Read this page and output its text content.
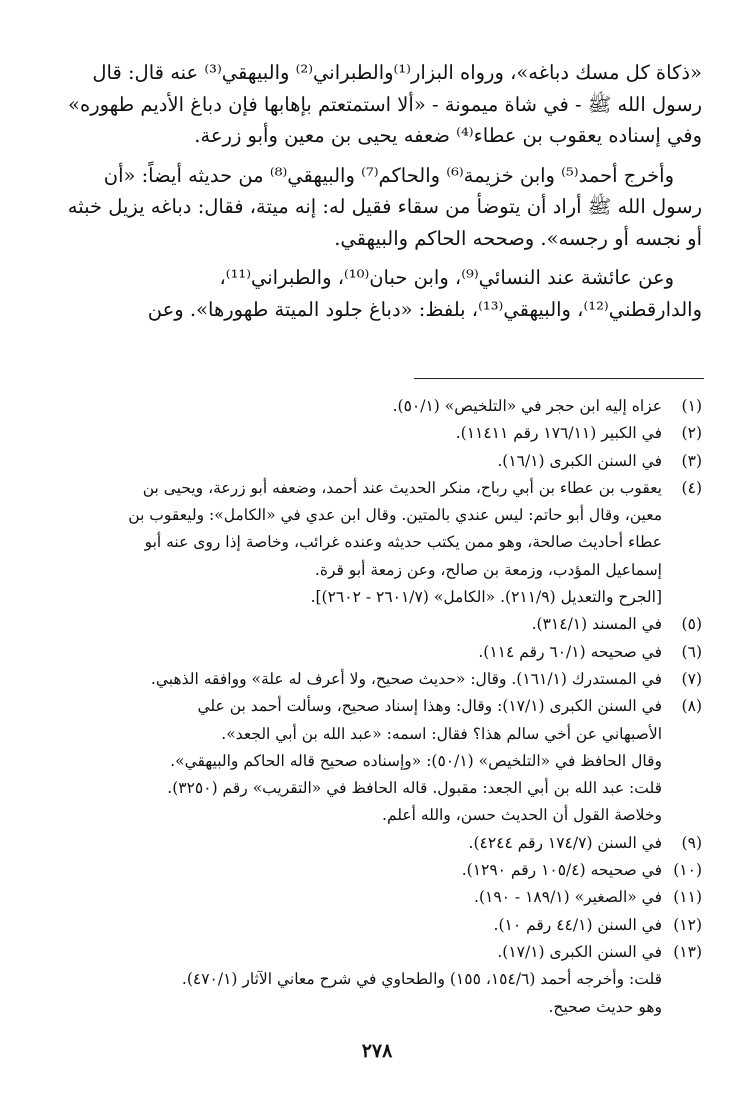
«ذكاة كل مسك دباغه»، ورواه البزار⁽¹⁾والطبراني⁽²⁾ والبيهقي⁽³⁾ عنه قال: قال
رسول الله ﷺ - في شاة ميمونة - «ألا استمتعتم بإهابها فإن دباغ الأديم طهوره»
وفي إسناده يعقوب بن عطاء⁽⁴⁾ ضعفه يحيى بن معين وأبو زرعة.

وأخرج أحمد⁽⁵⁾ وابن خزيمة⁽⁶⁾ والحاكم⁽⁷⁾ والبيهقي⁽⁸⁾ من حديثه أيضاً: «أن
رسول الله ﷺ أراد أن يتوضأ من سقاء فقيل له: إنه ميتة، فقال: دباغه يزيل خبثه
أو نجسه أو رجسه». وصححه الحاكم والبيهقي.

وعن عائشة عند النسائي⁽⁹⁾، وابن حبان⁽¹⁰⁾، والطبراني⁽¹¹⁾،
والدارقطني⁽¹²⁾، والبيهقي⁽¹³⁾، بلفظ: «دباغ جلود الميتة طهورها». وعن

(١)
عزاه إليه ابن حجر في «التلخيص» (٥٠/١).
(٢)
في الكبير (١٧٦/١١ رقم ١١٤١١).
(٣)
في السنن الكبرى (١٦/١).
(٤)
يعقوب بن عطاء بن أبي رباح، منكر الحديث عند أحمد، وضعفه أبو زرعة، ويحيى بن
معين، وقال أبو حاتم: ليس عندي بالمتين. وقال ابن عدي في «الكامل»: وليعقوب بن
عطاء أحاديث صالحة، وهو ممن يكتب حديثه وعنده غرائب، وخاصة إذا روى عنه أبو
إسماعيل المؤدب، وزمعة بن صالح، وعن زمعة أبو قرة.
[الجرح والتعديل (٢١١/٩). «الكامل» (٢٦٠١/٧ - ٢٦٠٢)].
(٥)
في المسند (٣١٤/١).
(٦)
في صحيحه (٦٠/١ رقم ١١٤).
(٧)
في المستدرك (١٦١/١). وقال: «حديث صحيح، ولا أعرف له علة» ووافقه الذهبي.
(٨)
في السنن الكبرى (١٧/١): وقال: وهذا إسناد صحيح، وسألت أحمد بن علي
الأصبهاني عن أخي سالم هذا؟ فقال: اسمه: «عبد الله بن أبي الجعد».
وقال الحافظ في «التلخيص» (٥٠/١): «وإسناده صحيح قاله الحاكم والبيهقي».
قلت: عبد الله بن أبي الجعد: مقبول. قاله الحافظ في «التقريب» رقم (٣٢٥٠).
وخلاصة القول أن الحديث حسن، والله أعلم.
(٩)
في السنن (١٧٤/٧ رقم ٤٢٤٤).
(١٠)
في صحيحه (١٠٥/٤ رقم ١٢٩٠).
(١١)
في «الصغير» (١٨٩/١ - ١٩٠).
(١٢)
في السنن (٤٤/١ رقم ١٠).
(١٣)
في السنن الكبرى (١٧/١).
قلت: وأخرجه أحمد (١٥٤/٦، ١٥٥) والطحاوي في شرح معاني الآثار (٤٧٠/١).
وهو حديث صحيح.
٢٧٨
